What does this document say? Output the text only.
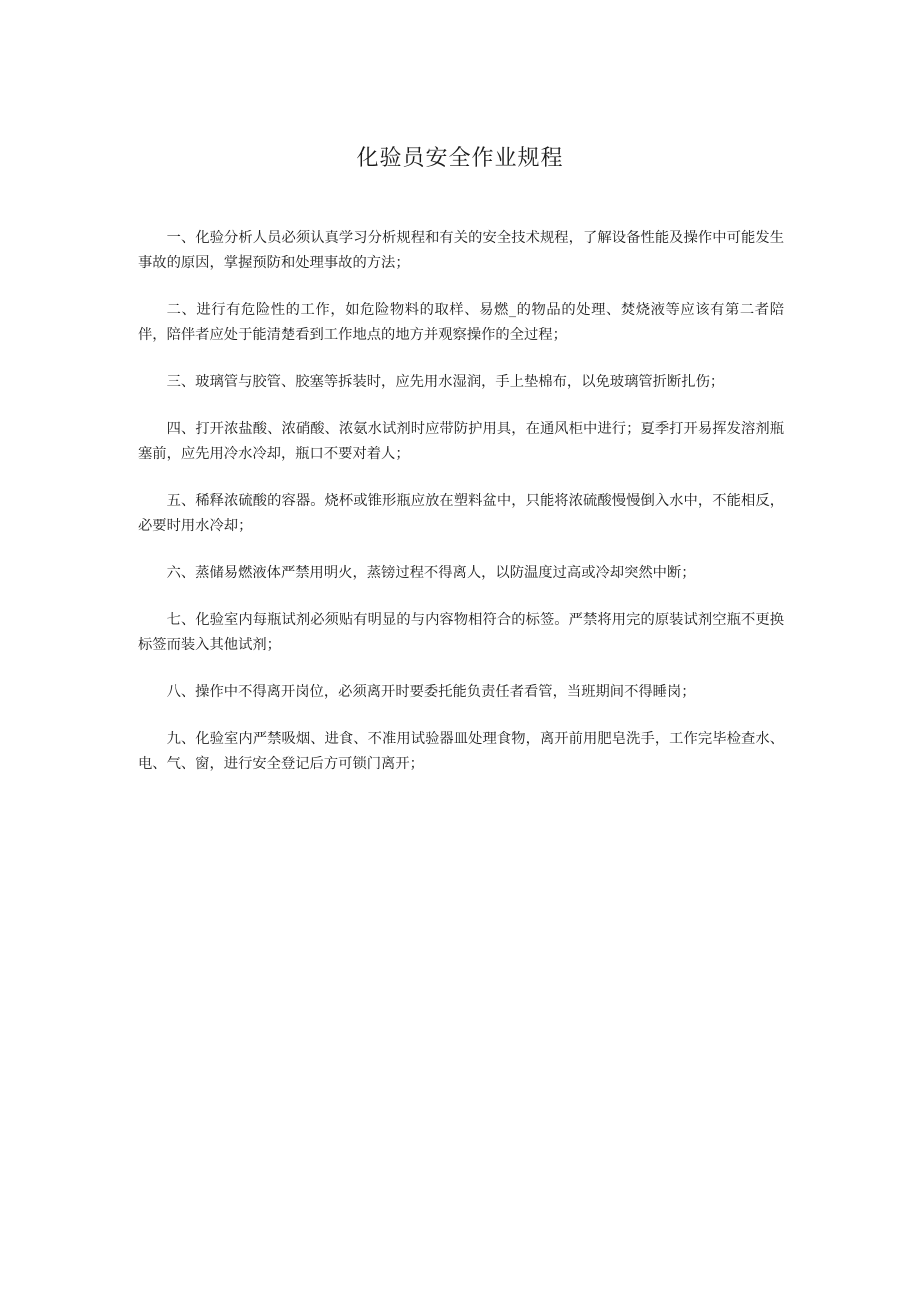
化验员安全作业规程

一、化验分析人员必须认真学习分析规程和有关的安全技术规程，了解设备性能及操作中可能发生事故的原因，掌握预防和处理事故的方法；

二、进行有危险性的工作，如危险物料的取样、易燃_的物品的处理、焚烧液等应该有第二者陪伴，陪伴者应处于能清楚看到工作地点的地方并观察操作的全过程；

三、玻璃管与胶管、胶塞等拆装时，应先用水湿润，手上垫棉布，以免玻璃管折断扎伤；

四、打开浓盐酸、浓硝酸、浓氨水试剂时应带防护用具，在通风柜中进行；夏季打开易挥发溶剂瓶塞前，应先用冷水冷却，瓶口不要对着人；

五、稀释浓硫酸的容器。烧杯或锥形瓶应放在塑料盆中，只能将浓硫酸慢慢倒入水中，不能相反，必要时用水冷却；

六、蒸储易燃液体严禁用明火，蒸镑过程不得离人，以防温度过高或冷却突然中断；

七、化验室内每瓶试剂必须贴有明显的与内容物相符合的标签。严禁将用完的原装试剂空瓶不更换标签而装入其他试剂；

八、操作中不得离开岗位，必须离开时要委托能负责任者看管，当班期间不得睡岗；

九、化验室内严禁吸烟、进食、不准用试验器皿处理食物，离开前用肥皂洗手，工作完毕检查水、电、气、窗，进行安全登记后方可锁门离开；
